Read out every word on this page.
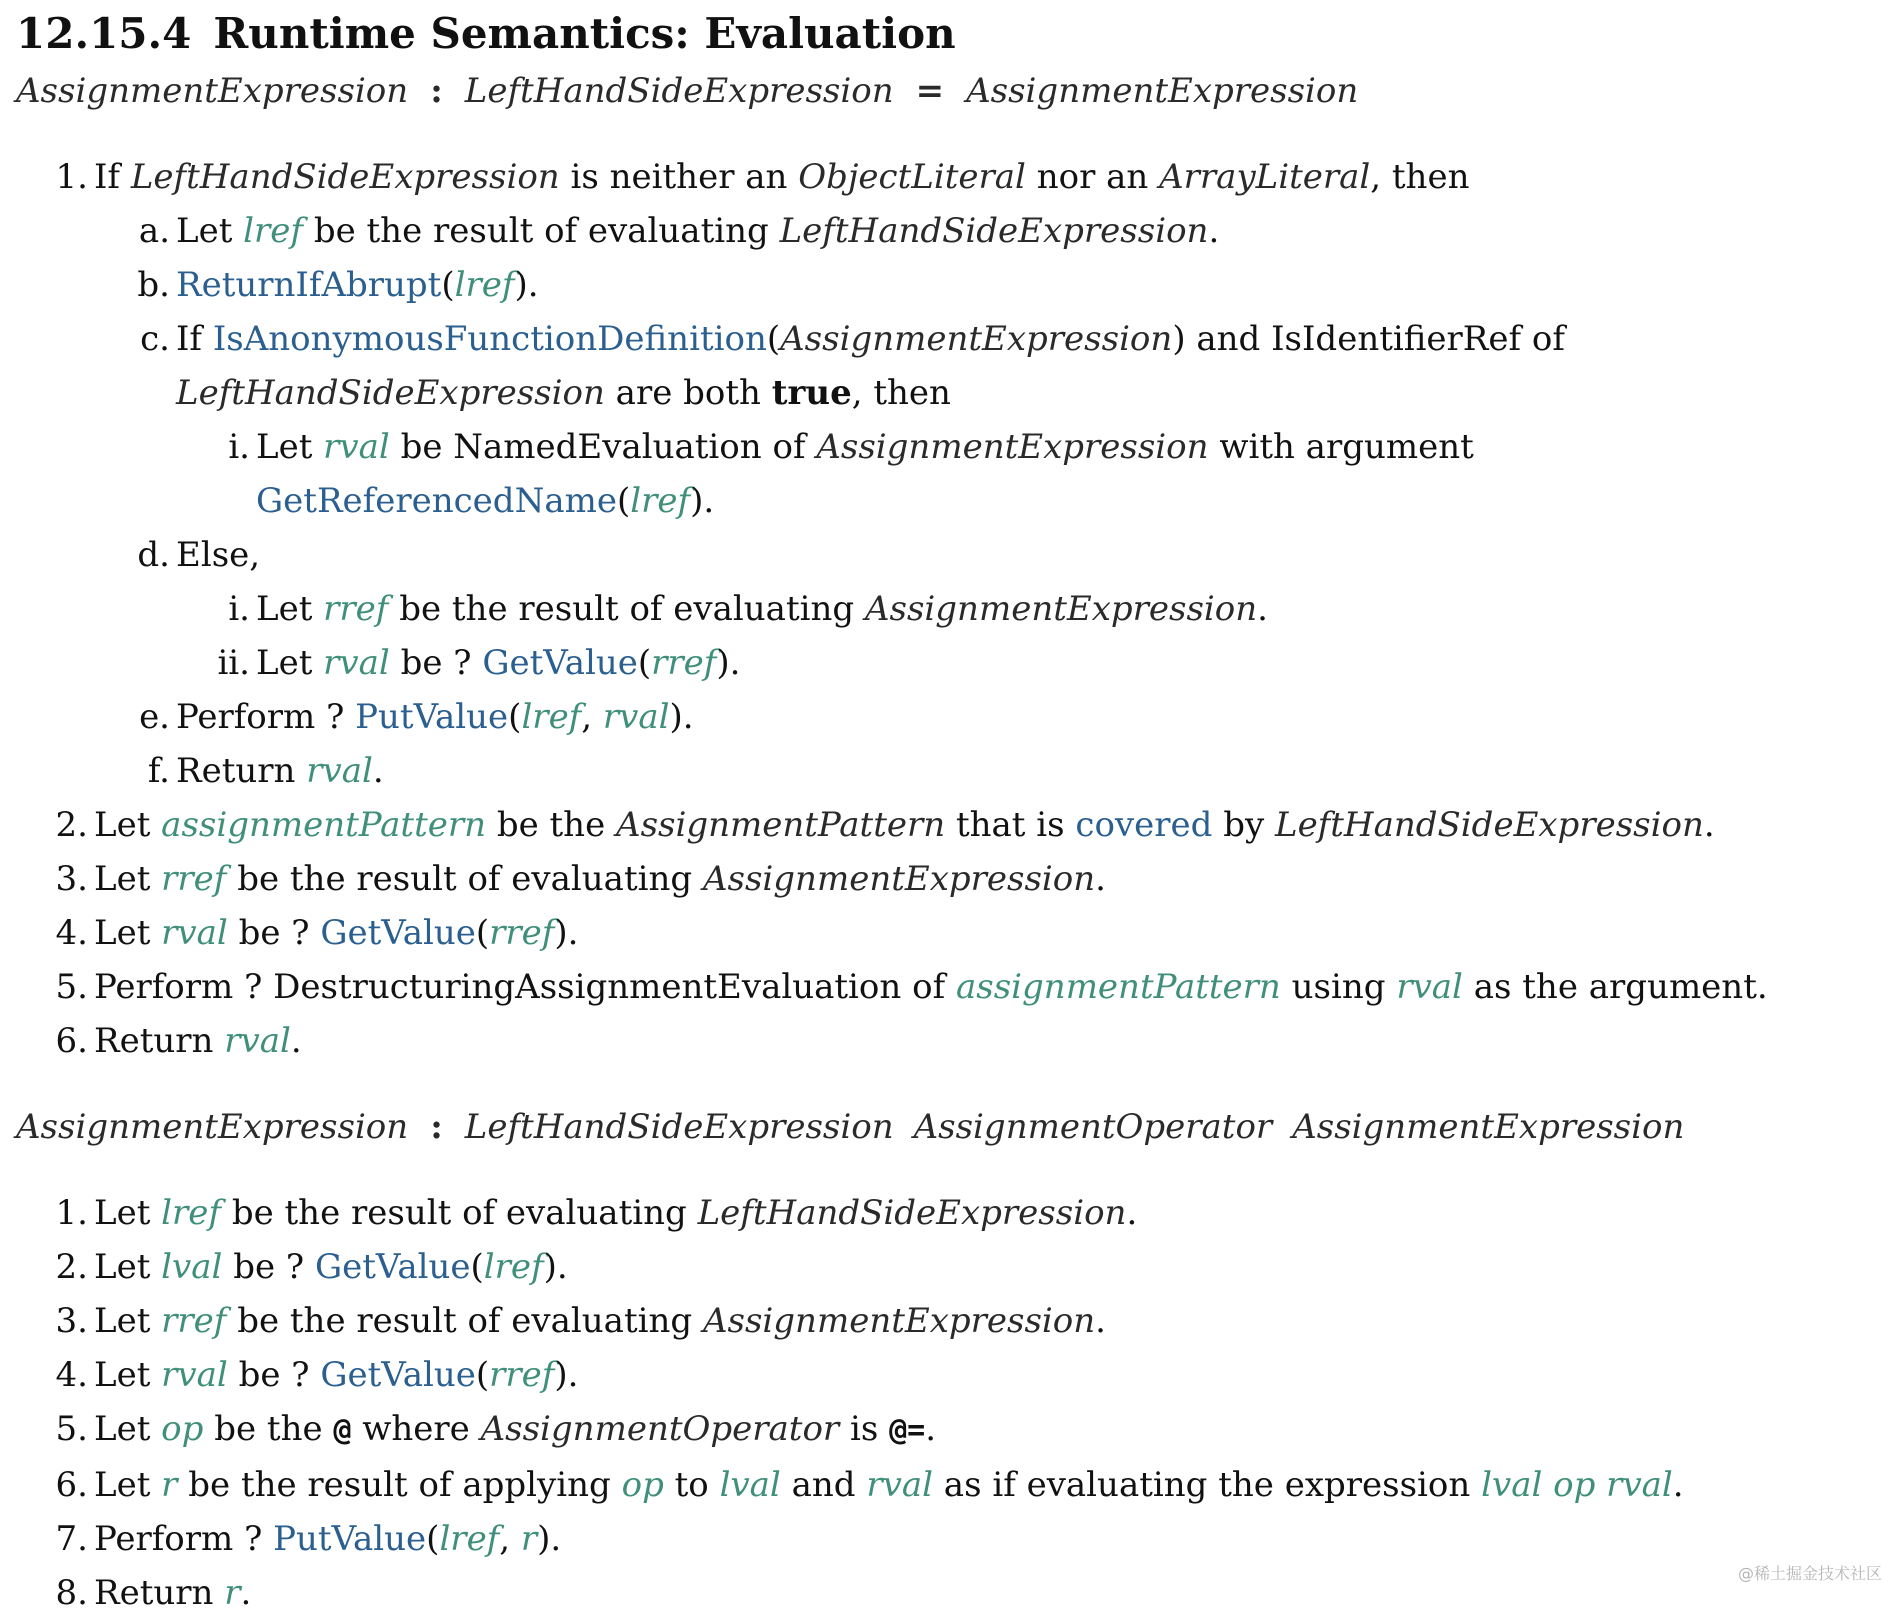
12.15.4 Runtime Semantics: Evaluation
AssignmentExpression : LeftHandSideExpression = AssignmentExpression
1. If LeftHandSideExpression is neither an ObjectLiteral nor an ArrayLiteral, then
a. Let lref be the result of evaluating LeftHandSideExpression.
b. ReturnIfAbrupt(lref).
c. If IsAnonymousFunctionDefinition(AssignmentExpression) and IsIdentifierRef of LeftHandSideExpression are both true, then
i. Let rval be NamedEvaluation of AssignmentExpression with argument GetReferencedName(lref).
d. Else,
i. Let rref be the result of evaluating AssignmentExpression.
ii. Let rval be ? GetValue(rref).
e. Perform ? PutValue(lref, rval).
f. Return rval.
2. Let assignmentPattern be the AssignmentPattern that is covered by LeftHandSideExpression.
3. Let rref be the result of evaluating AssignmentExpression.
4. Let rval be ? GetValue(rref).
5. Perform ? DestructuringAssignmentEvaluation of assignmentPattern using rval as the argument.
6. Return rval.
AssignmentExpression : LeftHandSideExpression AssignmentOperator AssignmentExpression
1. Let lref be the result of evaluating LeftHandSideExpression.
2. Let lval be ? GetValue(lref).
3. Let rref be the result of evaluating AssignmentExpression.
4. Let rval be ? GetValue(rref).
5. Let op be the @ where AssignmentOperator is @=.
6. Let r be the result of applying op to lval and rval as if evaluating the expression lval op rval.
7. Perform ? PutValue(lref, r).
8. Return r.	@稀土掘金技术社区
